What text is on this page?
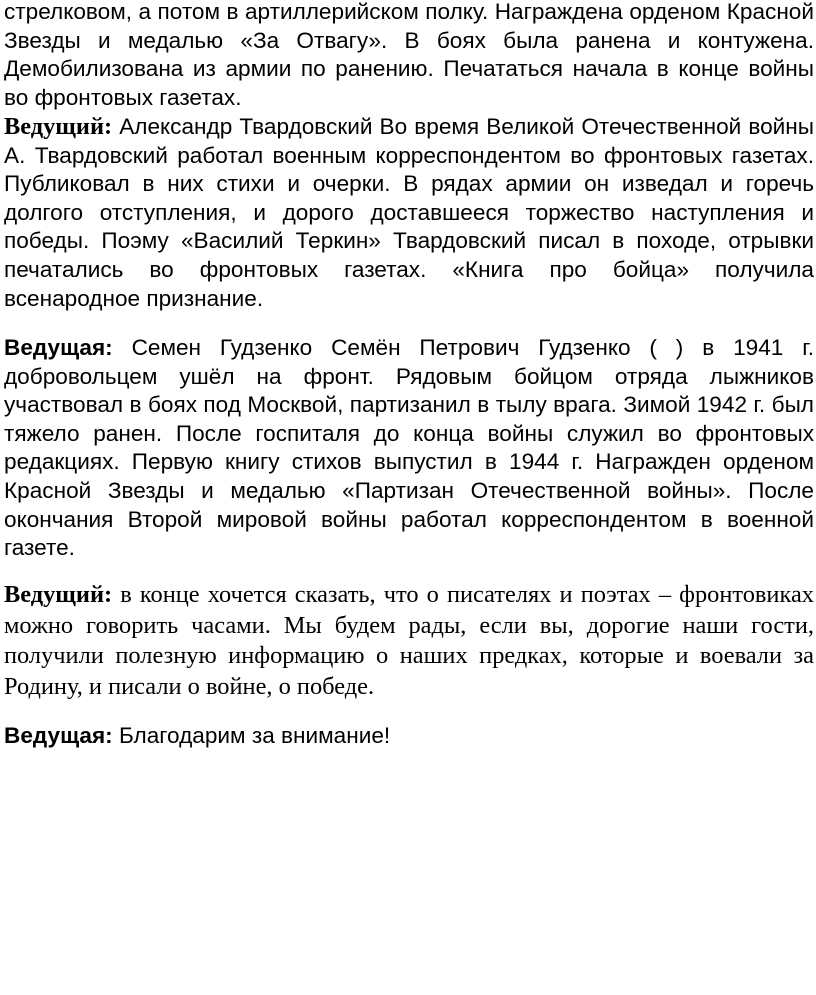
стрелковом, а потом в артиллерийском полку. Награждена орденом Красной Звезды и медалью «За Отвагу». В боях была ранена и контужена. Демобилизована из армии по ранению. Печататься начала в конце войны во фронтовых газетах.

Ведущий: Александр Твардовский Во время Великой Отечественной войны А. Твардовский работал военным корреспондентом во фронтовых газетах. Публиковал в них стихи и очерки. В рядах армии он изведал и горечь долгого отступления, и дорого доставшееся торжество наступления и победы. Поэму «Василий Теркин» Твардовский писал в походе, отрывки печатались во фронтовых газетах. «Книга про бойца» получила всенародное признание.

Ведущая: Семен Гудзенко Семён Петрович Гудзенко ( ) в 1941 г. добровольцем ушёл на фронт. Рядовым бойцом отряда лыжников участвовал в боях под Москвой, партизанил в тылу врага. Зимой 1942 г. был тяжело ранен. После госпиталя до конца войны служил во фронтовых редакциях. Первую книгу стихов выпустил в 1944 г. Награжден орденом Красной Звезды и медалью «Партизан Отечественной войны». После окончания Второй мировой войны работал корреспондентом в военной газете.

Ведущий: в конце хочется сказать, что о писателях и поэтах – фронтовиках можно говорить часами. Мы будем рады, если вы, дорогие наши гости, получили полезную информацию о наших предках, которые и воевали за Родину, и писали о войне, о победе.

Ведущая: Благодарим за внимание!
